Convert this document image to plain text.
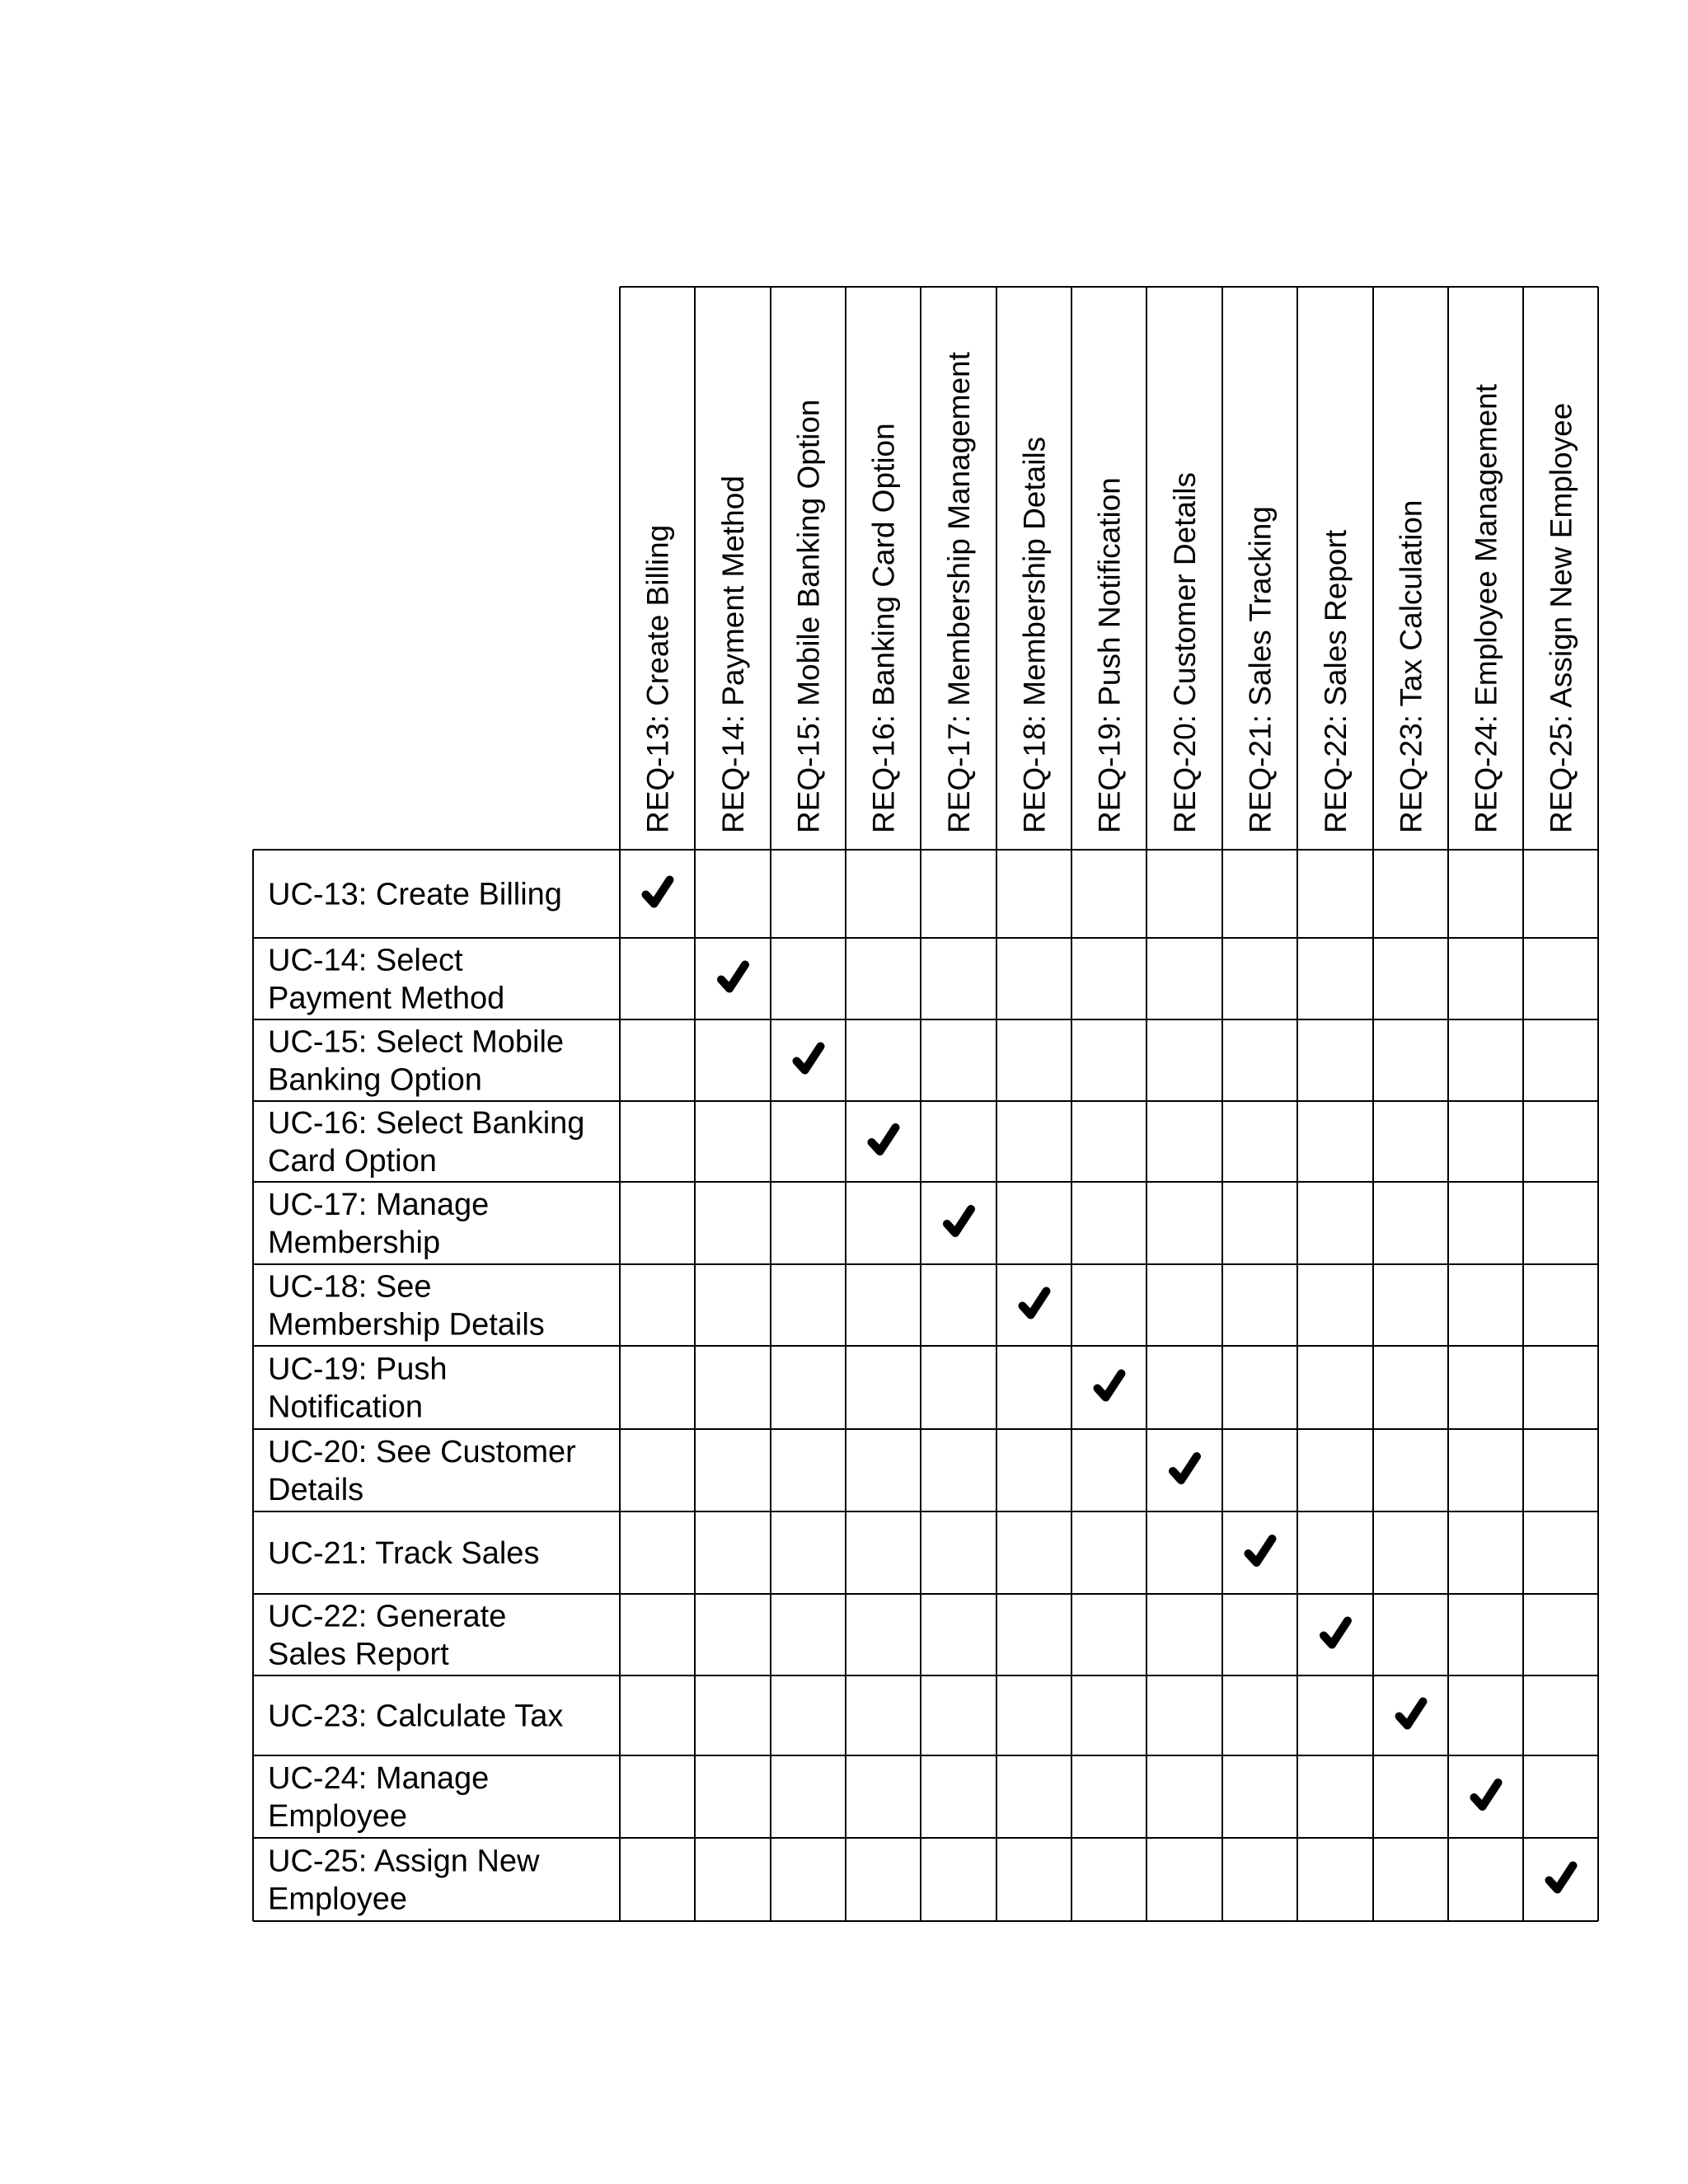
REQ-13: Create Billing REQ-14: Payment Method REQ-15: Mobile Banking Option REQ-16: Banking Card Option REQ-17: Membership Management REQ-18: Membership Details REQ-19: Push Notification REQ-20: Customer Details REQ-21: Sales Tracking REQ-22: Sales Report REQ-23: Tax Calculation REQ-24: Employee Management REQ-25: Assign New Employee
UC-13: Create Billing
UC-14: Select Payment Method
UC-15: Select Mobile Banking Option
UC-16: Select Banking Card Option
UC-17: Manage Membership
UC-18: See Membership Details
UC-19: Push Notification
UC-20: See Customer Details
UC-21: Track Sales
UC-22: Generate Sales Report
UC-23: Calculate Tax
UC-24: Manage Employee
UC-25: Assign New Employee
